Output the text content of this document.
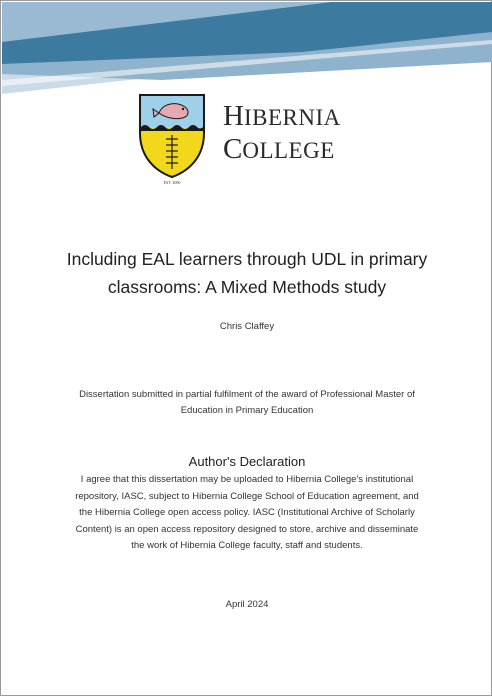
EST. 2000
HIBERNIA
COLLEGE
Including EAL learners through UDL in primary
classrooms: A Mixed Methods study
Chris Claffey
Dissertation submitted in partial fulfilment of the award of Professional Master of
Education in Primary Education
Author's Declaration
I agree that this dissertation may be uploaded to Hibernia College's institutional
repository, IASC, subject to Hibernia College School of Education agreement, and
the Hibernia College open access policy. IASC (Institutional Archive of Scholarly
Content) is an open access repository designed to store, archive and disseminate
the work of Hibernia College faculty, staff and students.
April 2024
